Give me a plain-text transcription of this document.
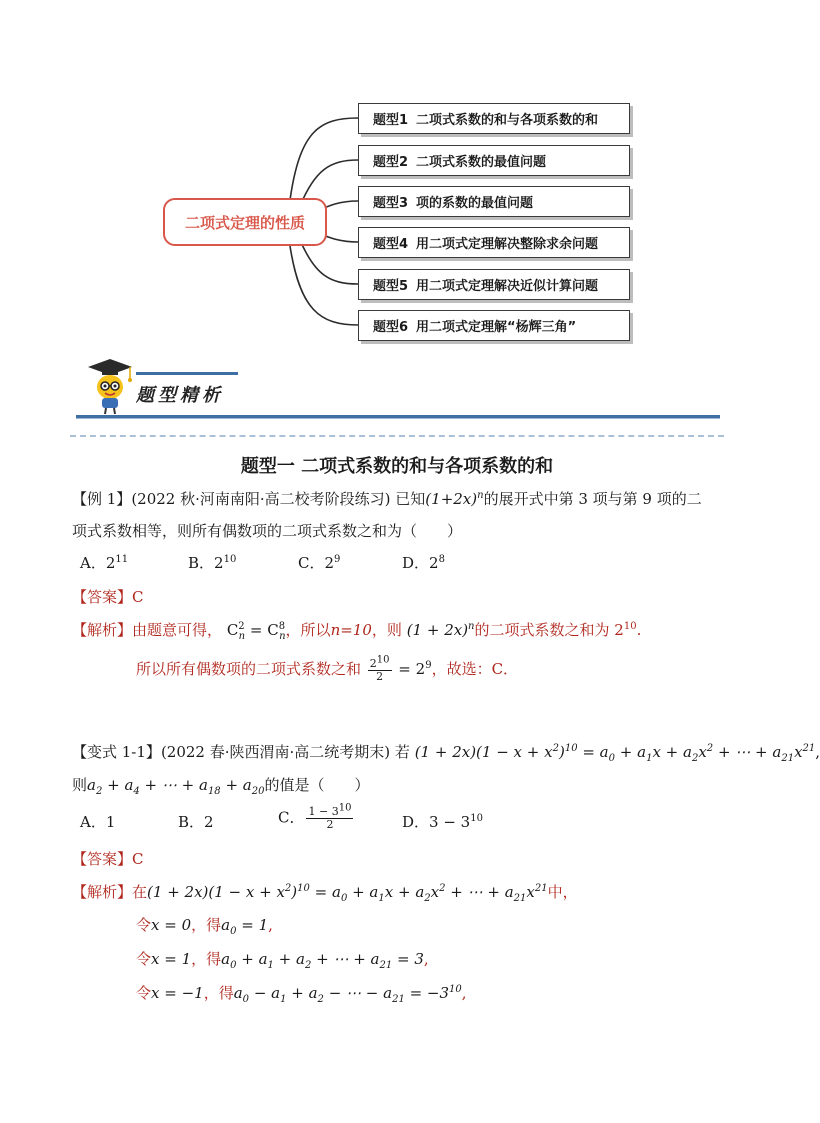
二项式定理的性质
题型1 二项式系数的和与各项系数的和
题型2 二项式系数的最值问题
题型3 项的系数的最值问题
题型4 用二项式定理解决整除求余问题
题型5 用二项式定理解决近似计算问题
题型6 用二项式定理解“杨辉三角”
题型精析
题型一 二项式系数的和与各项系数的和
【例 1】(2022 秋·河南南阳·高二校考阶段练习) 已知$(1+2x)^n$的展开式中第 3 项与第 9 项的二
项式系数相等，则所有偶数项的二项式系数之和为（　　）
A．$2^{11}$	B．$2^{10}$	C．$2^9$	D．$2^8$
【答案】C
【解析】由题意可得， $C^2_n = C^8_n$，所以n=10，则 $(1 + 2x)^n$的二项式系数之和为 $2^{10}$.
所以所有偶数项的二项式系数之和 $\frac{2^{10}}{2} = 2^9$，故选：C．
【变式 1-1】(2022 春·陕西渭南·高二统考期末) 若 $(1 + 2x)(1 - x + x^2)^{10} = a_0 + a_1x + a_2x^2$ + ⋯ + $a_{21}x^{21}$,
则$a_2 + a_4$ + ⋯ + $a_{18} + a_{20}$的值是（　　）
A．1	B．2	C． $\frac{1 - 3^{10}}{2}$	D．$3 - 3^{10}$
【答案】C
【解析】在$(1 + 2x)(1 - x + x^2)^{10} = a_0 + a_1x + a_2x^2$ + ⋯ + $a_{21}x^{21}$中，
令x = 0，得$a_0 = 1$,
令x = 1，得$a_0 + a_1 + a_2$ + ⋯ + $a_{21} = 3$,
令x = −1，得$a_0 - a_1 + a_2$ − ⋯ − $a_{21} = -3^{10}$,
